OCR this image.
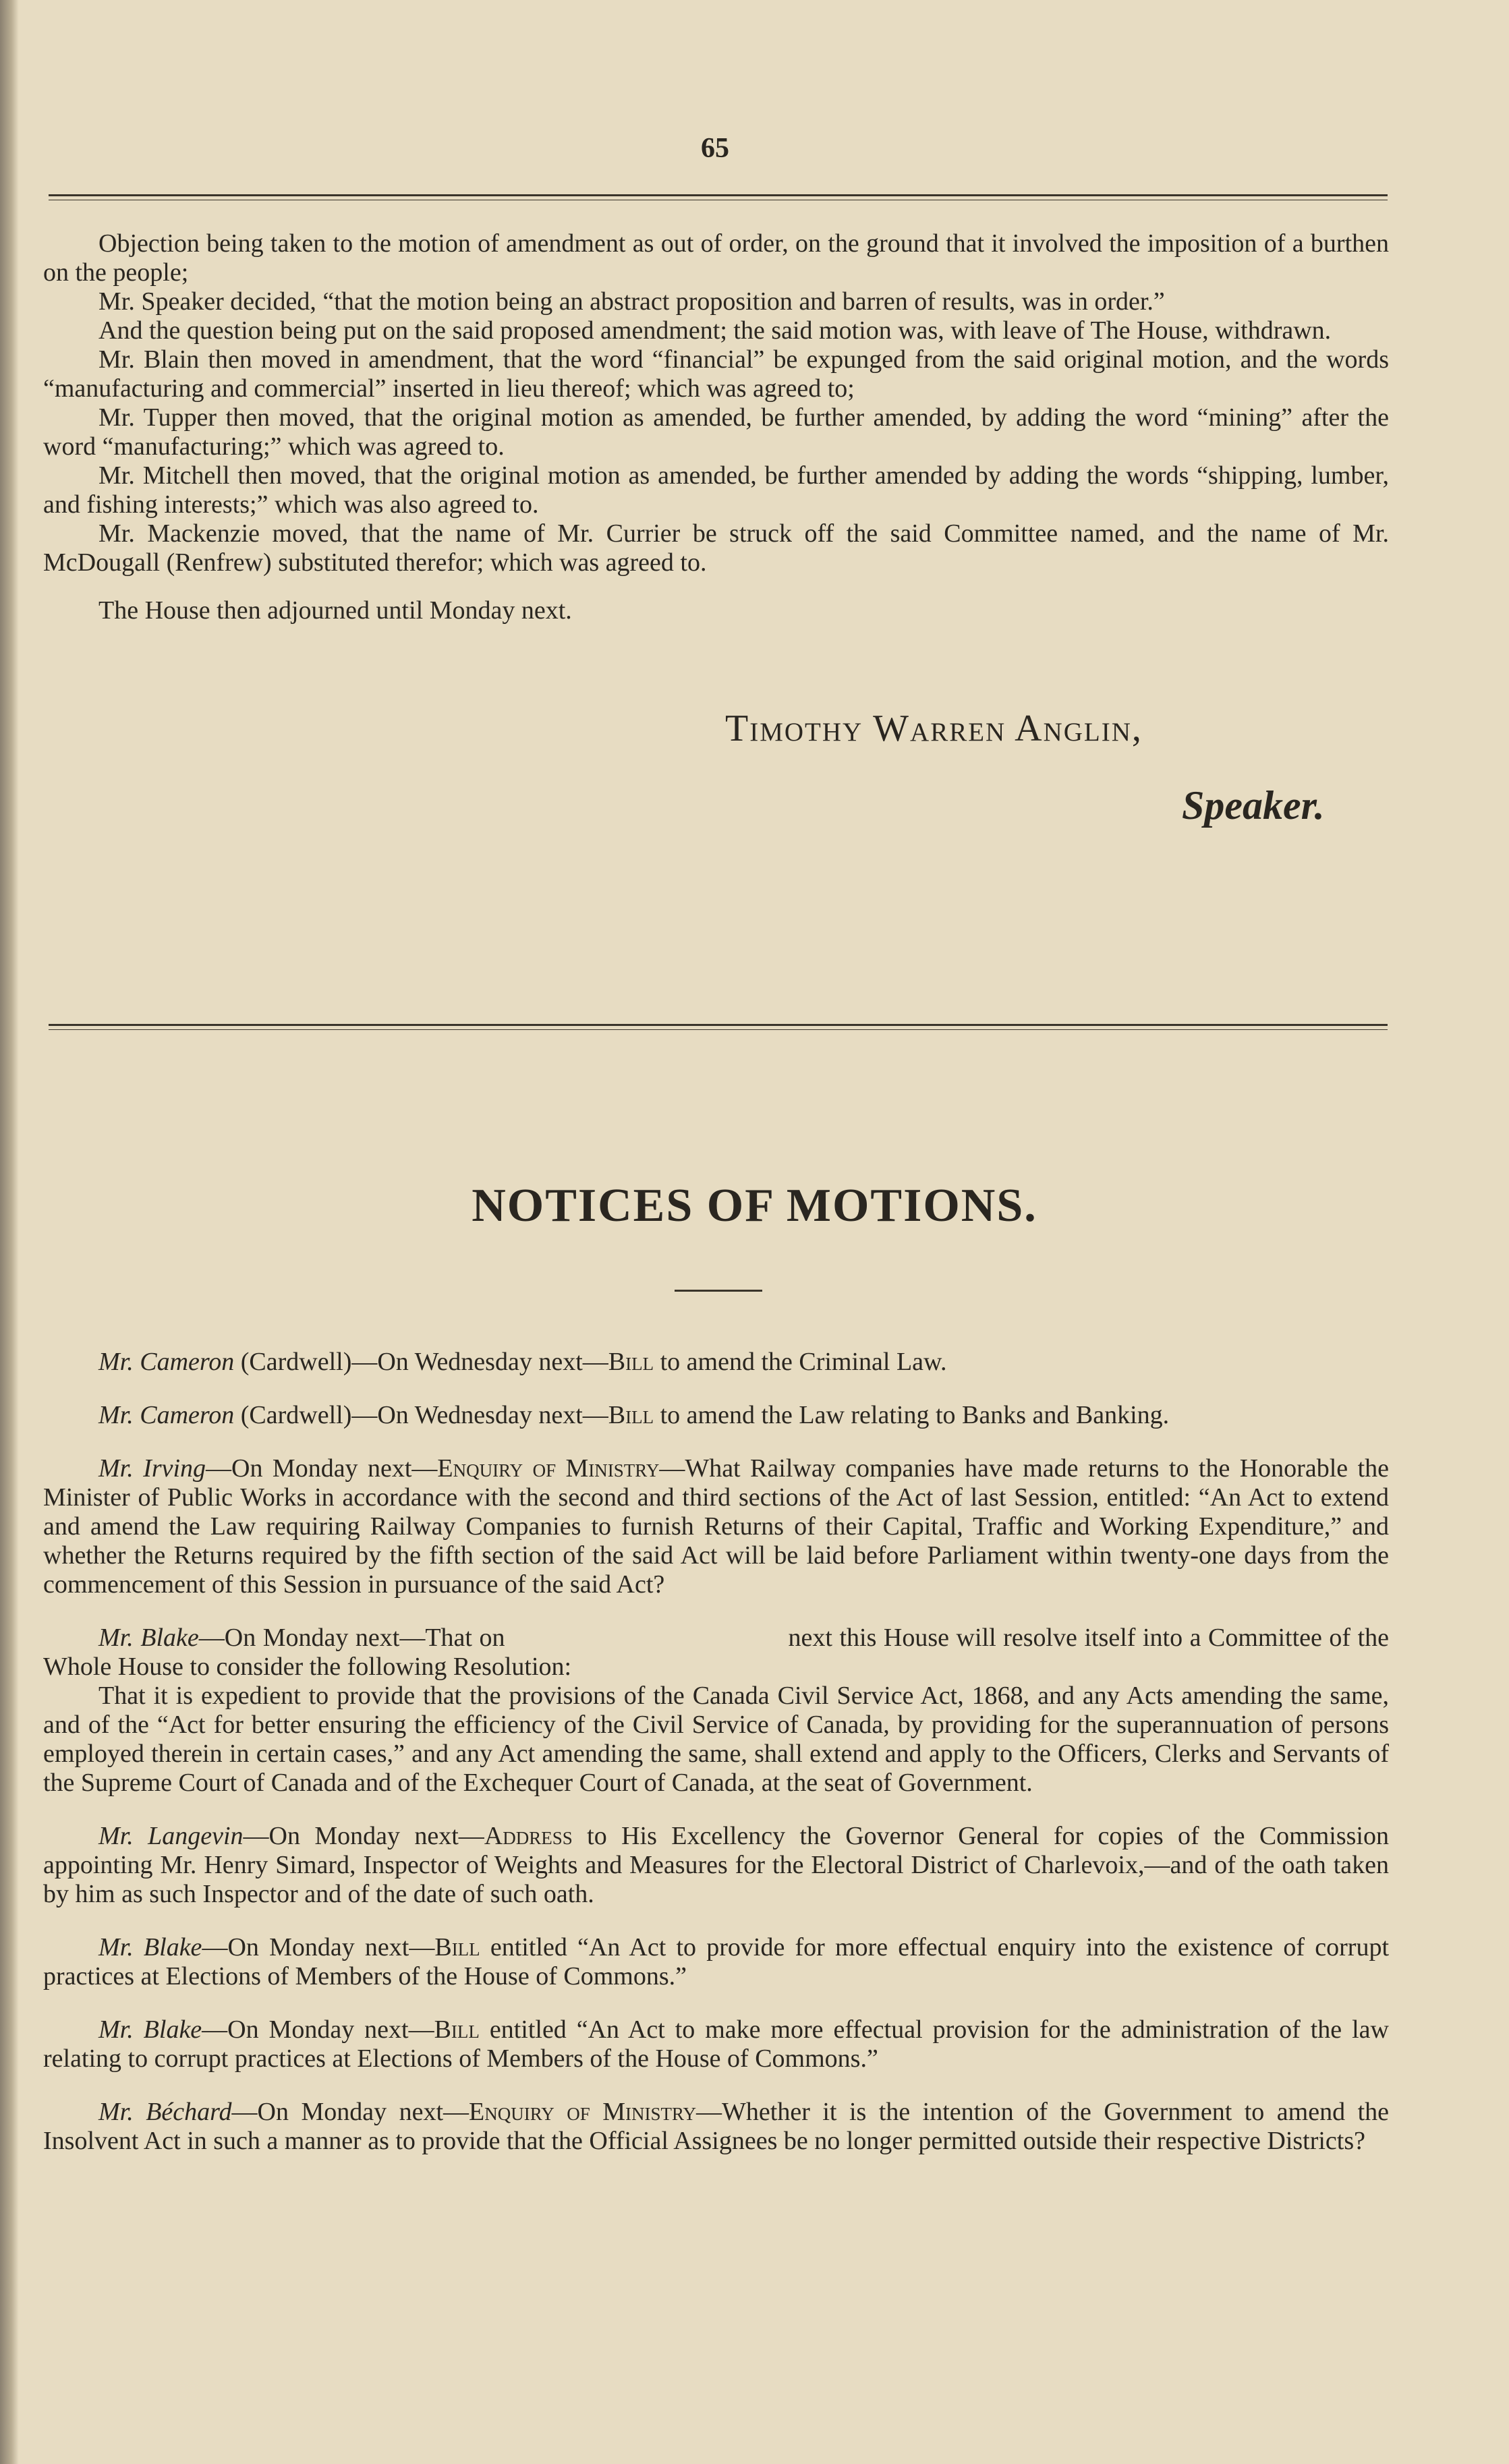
65

Objection being taken to the motion of amendment as out of order, on the ground that it involved the imposition of a burthen on the people;

Mr. Speaker decided, “that the motion being an abstract proposition and barren of results, was in order.”

And the question being put on the said proposed amendment; the said motion was, with leave of The House, withdrawn.

Mr. Blain then moved in amendment, that the word “financial” be expunged from the said original motion, and the words “manufacturing and commercial” inserted in lieu thereof; which was agreed to;

Mr. Tupper then moved, that the original motion as amended, be further amended, by adding the word “mining” after the word “manufacturing;” which was agreed to.

Mr. Mitchell then moved, that the original motion as amended, be further amended by adding the words “shipping, lumber, and fishing interests;” which was also agreed to.

Mr. Mackenzie moved, that the name of Mr. Currier be struck off the said Committee named, and the name of Mr. McDougall (Renfrew) substituted therefor; which was agreed to.

The House then adjourned until Monday next.

Timothy Warren Anglin,
Speaker.
NOTICES OF MOTIONS.

Mr. Cameron (Cardwell)—On Wednesday next—Bill to amend the Criminal Law.

Mr. Cameron (Cardwell)—On Wednesday next—Bill to amend the Law relating to Banks and Banking.

Mr. Irving—On Monday next—Enquiry of Ministry—What Railway companies have made returns to the Honorable the Minister of Public Works in accordance with the second and third sections of the Act of last Session, entitled: “An Act to extend and amend the Law requiring Railway Companies to furnish Returns of their Capital, Traffic and Working Expenditure,” and whether the Returns required by the fifth section of the said Act will be laid before Parliament within twenty-one days from the commencement of this Session in pursuance of the said Act?

Mr. Blake—On Monday next—That on	next this House will resolve itself into a Committee of the Whole House to consider the following Resolution:

That it is expedient to provide that the provisions of the Canada Civil Service Act, 1868, and any Acts amending the same, and of the “Act for better ensuring the efficiency of the Civil Service of Canada, by providing for the superannuation of persons employed therein in certain cases,” and any Act amending the same, shall extend and apply to the Officers, Clerks and Servants of the Supreme Court of Canada and of the Exchequer Court of Canada, at the seat of Government.

Mr. Langevin—On Monday next—Address to His Excellency the Governor General for copies of the Commission appointing Mr. Henry Simard, Inspector of Weights and Measures for the Electoral District of Charlevoix,—and of the oath taken by him as such Inspector and of the date of such oath.

Mr. Blake—On Monday next—Bill entitled “An Act to provide for more effectual enquiry into the existence of corrupt practices at Elections of Members of the House of Commons.”

Mr. Blake—On Monday next—Bill entitled “An Act to make more effectual provision for the administration of the law relating to corrupt practices at Elections of Members of the House of Commons.”

Mr. Béchard—On Monday next—Enquiry of Ministry—Whether it is the intention of the Government to amend the Insolvent Act in such a manner as to provide that the Official Assignees be no longer permitted outside their respective Districts?
